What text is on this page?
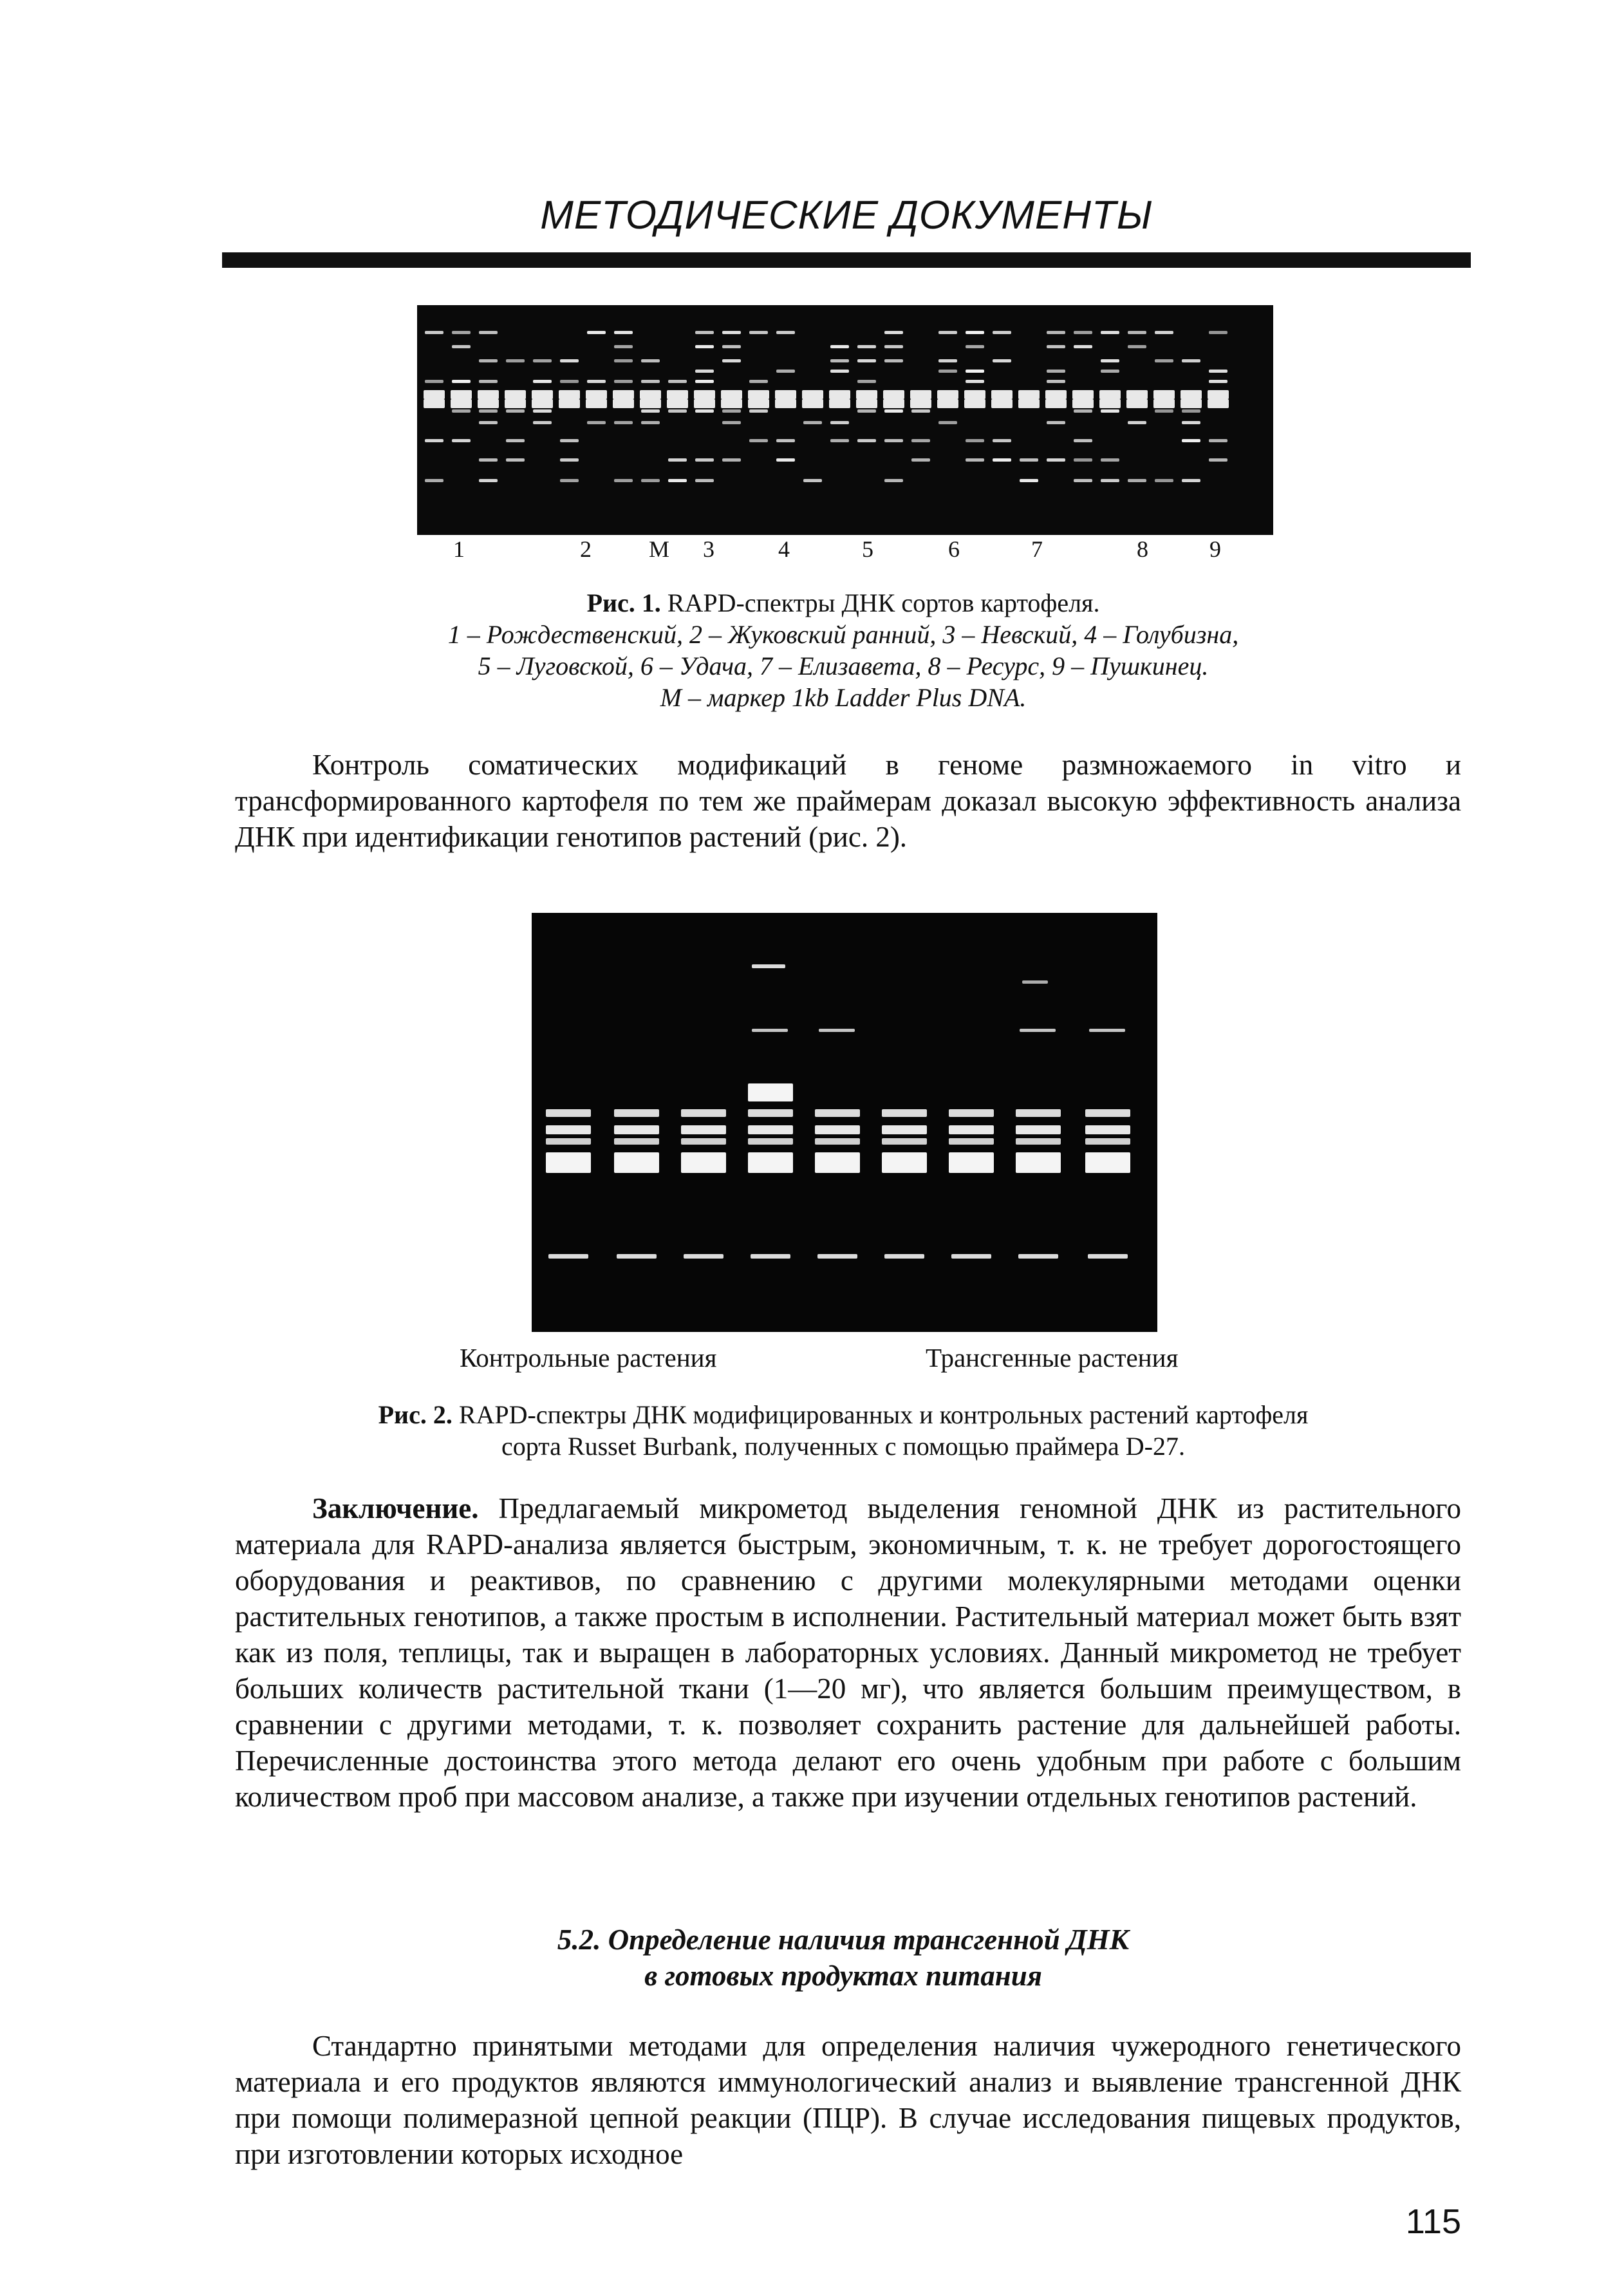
МЕТОДИЧЕСКИЕ ДОКУМЕНТЫ
1	2 M 3	4	5	6	7	8	9
Рис. 1. RAPD-спектры ДНК сортов картофеля.
1 – Рождественский, 2 – Жуковский ранний, 3 – Невский, 4 – Голубизна,
5 – Луговской, 6 – Удача, 7 – Елизавета, 8 – Ресурс, 9 – Пушкинец.
М – маркер 1kb Ladder Plus DNA.

Контроль соматических модификаций в геноме размножаемого in vitro и трансформированного картофеля по тем же праймерам доказал высокую эффективность анализа ДНК при идентификации генотипов растений (рис. 2).

Контрольные растения	Трансгенные растения
Рис. 2. RAPD-спектры ДНК модифицированных и контрольных растений картофеля
сорта Russet Burbank, полученных с помощью праймера D-27.

Заключение. Предлагаемый микрометод выделения геномной ДНК из растительного материала для RAPD-анализа является быстрым, экономичным, т. к. не требует дорогостоящего оборудования и реактивов, по сравнению с другими молекулярными методами оценки растительных генотипов, а также простым в исполнении. Растительный материал может быть взят как из поля, теплицы, так и выращен в лабораторных условиях. Данный микрометод не требует больших количеств растительной ткани (1—20 мг), что является большим преимуществом, в сравнении с другими методами, т. к. позволяет сохранить растение для дальнейшей работы. Перечисленные достоинства этого метода делают его очень удобным при работе с большим количеством проб при массовом анализе, а также при изучении отдельных генотипов растений.

5.2. Определение наличия трансгенной ДНК
в готовых продуктах питания

Стандартно принятыми методами для определения наличия чужеродного генетического материала и его продуктов являются иммунологический анализ и выявление трансгенной ДНК при помощи полимеразной цепной реакции (ПЦР). В случае исследования пищевых продуктов, при изготовлении которых исходное

115
